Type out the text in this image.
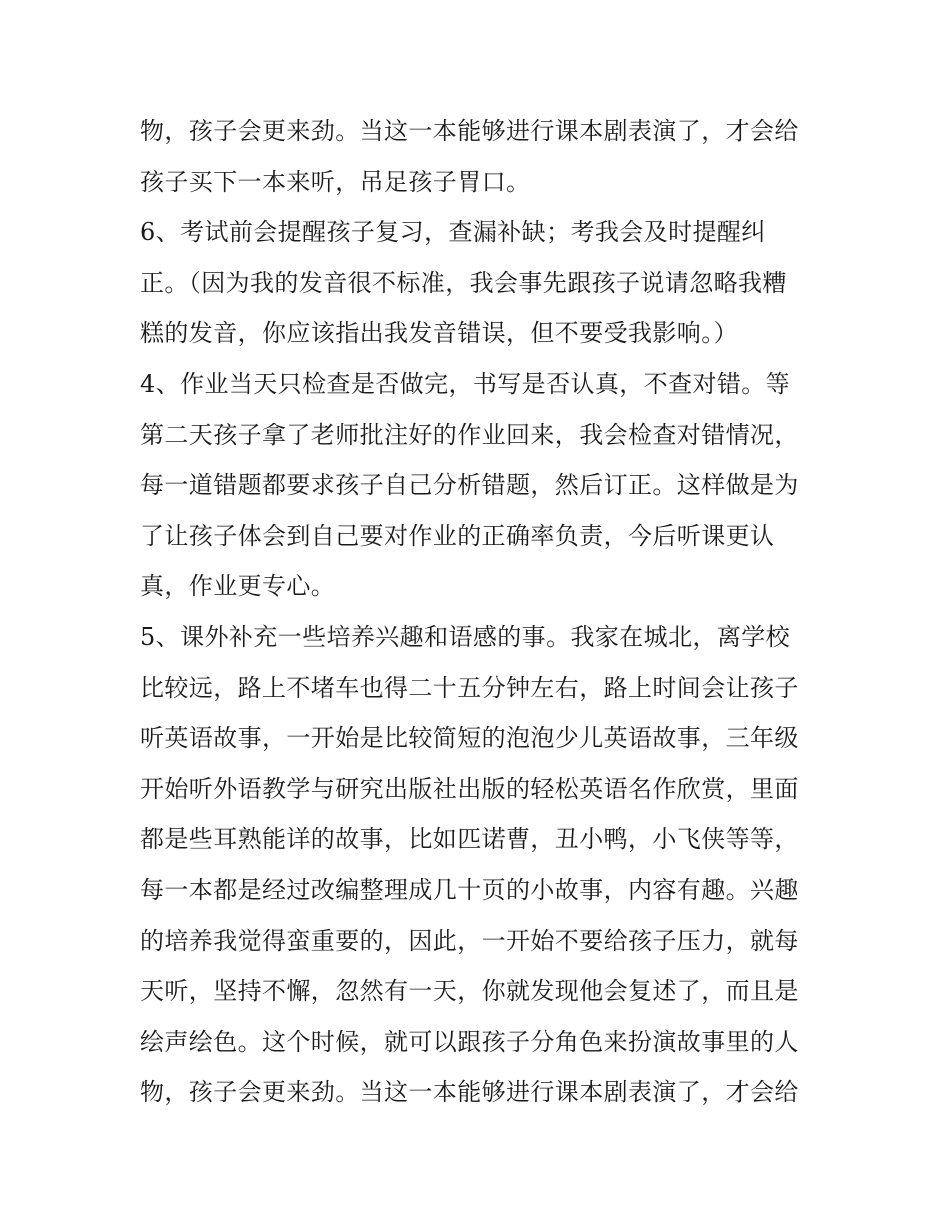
物，孩子会更来劲。当这一本能够进行课本剧表演了，才会给
孩子买下一本来听，吊足孩子胃口。
6、考试前会提醒孩子复习，查漏补缺；考我会及时提醒纠
正。（因为我的发音很不标准，我会事先跟孩子说请忽略我糟
糕的发音，你应该指出我发音错误，但不要受我影响。）
4、作业当天只检查是否做完，书写是否认真，不查对错。等
第二天孩子拿了老师批注好的作业回来，我会检查对错情况，
每一道错题都要求孩子自己分析错题，然后订正。这样做是为
了让孩子体会到自己要对作业的正确率负责，今后听课更认
真，作业更专心。
5、课外补充一些培养兴趣和语感的事。我家在城北，离学校
比较远，路上不堵车也得二十五分钟左右，路上时间会让孩子
听英语故事，一开始是比较简短的泡泡少儿英语故事，三年级
开始听外语教学与研究出版社出版的轻松英语名作欣赏，里面
都是些耳熟能详的故事，比如匹诺曹，丑小鸭，小飞侠等等，
每一本都是经过改编整理成几十页的小故事，内容有趣。兴趣
的培养我觉得蛮重要的，因此，一开始不要给孩子压力，就每
天听，坚持不懈，忽然有一天，你就发现他会复述了，而且是
绘声绘色。这个时候，就可以跟孩子分角色来扮演故事里的人
物，孩子会更来劲。当这一本能够进行课本剧表演了，才会给
